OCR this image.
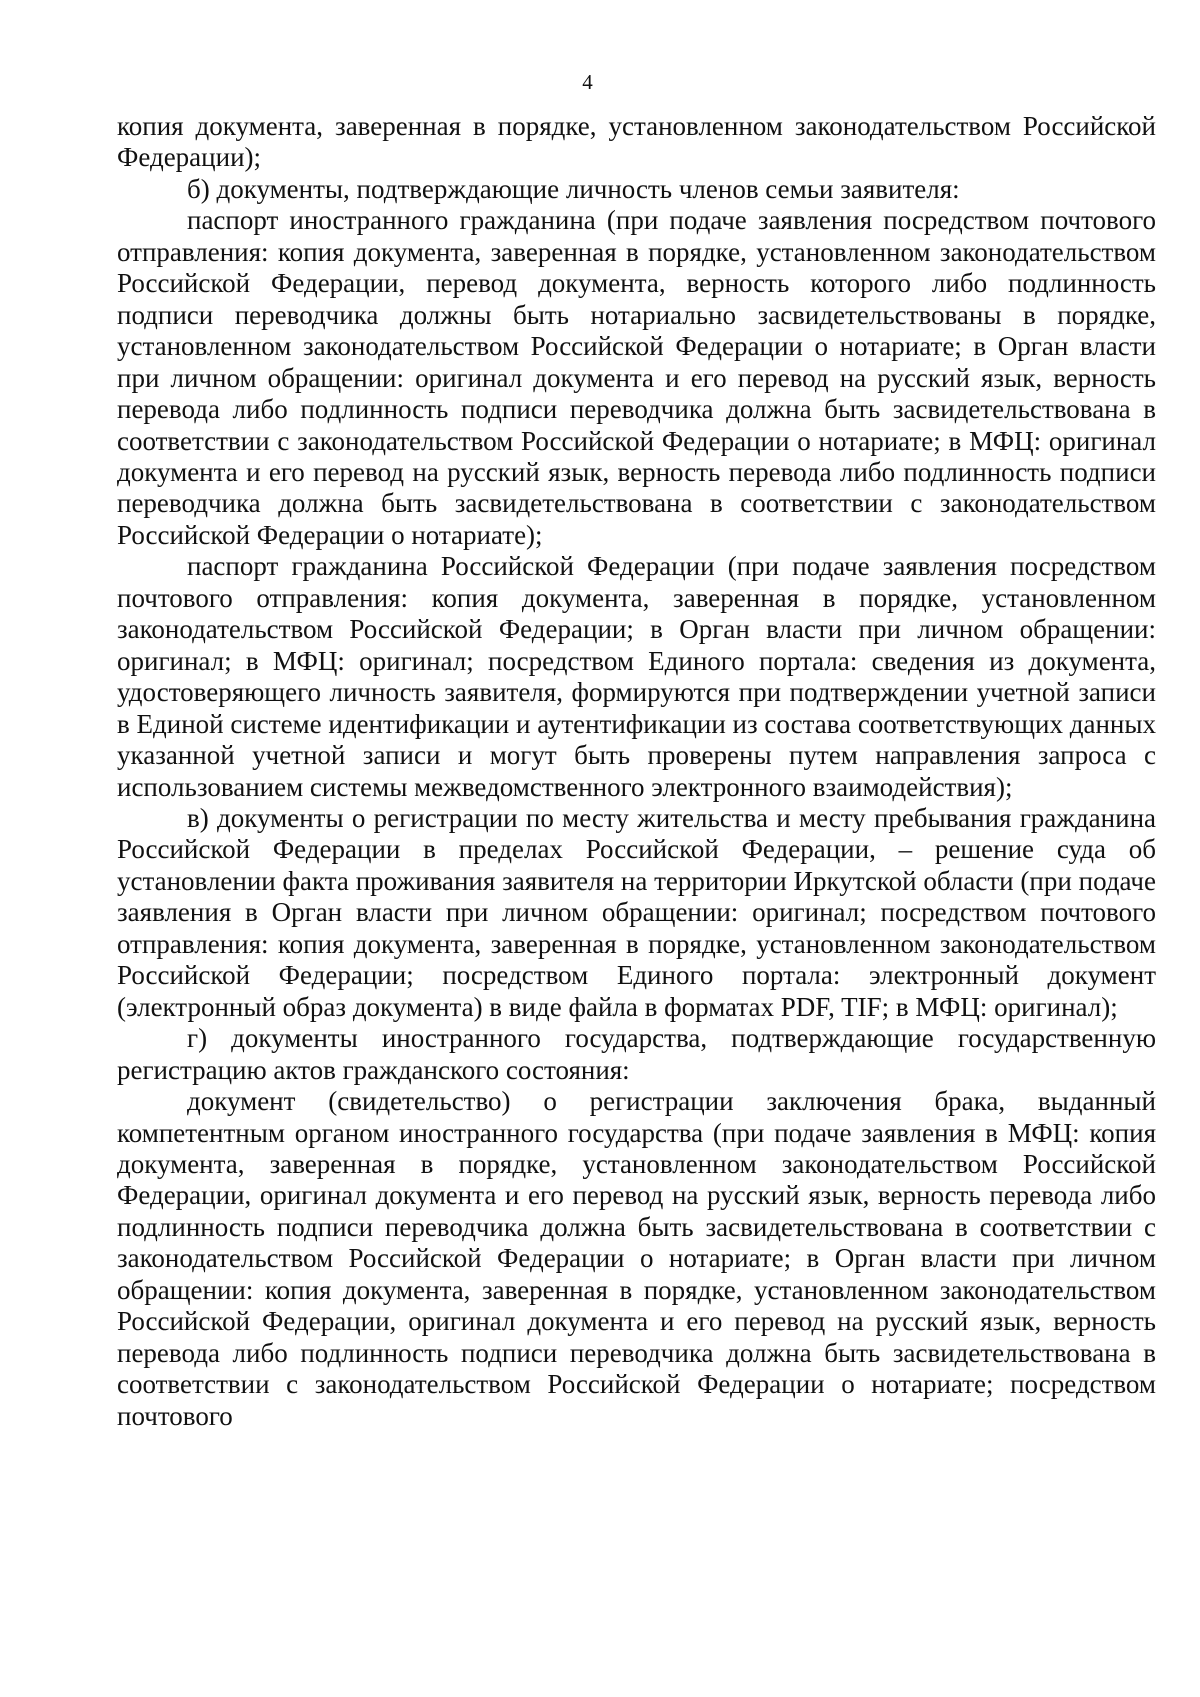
4

копия документа, заверенная в порядке, установленном законодательством Российской Федерации);

б) документы, подтверждающие личность членов семьи заявителя:

паспорт иностранного гражданина (при подаче заявления посредством почтового отправления: копия документа, заверенная в порядке, установленном законодательством Российской Федерации, перевод документа, верность которого либо подлинность подписи переводчика должны быть нотариально засвидетельствованы в порядке, установленном законодательством Российской Федерации о нотариате; в Орган власти при личном обращении: оригинал документа и его перевод на русский язык, верность перевода либо подлинность подписи переводчика должна быть засвидетельствована в соответствии с законодательством Российской Федерации о нотариате; в МФЦ: оригинал документа и его перевод на русский язык, верность перевода либо подлинность подписи переводчика должна быть засвидетельствована в соответствии с законодательством Российской Федерации о нотариате);

паспорт гражданина Российской Федерации (при подаче заявления посредством почтового отправления: копия документа, заверенная в порядке, установленном законодательством Российской Федерации; в Орган власти при личном обращении: оригинал; в МФЦ: оригинал; посредством Единого портала: сведения из документа, удостоверяющего личность заявителя, формируются при подтверждении учетной записи в Единой системе идентификации и аутентификации из состава соответствующих данных указанной учетной записи и могут быть проверены путем направления запроса с использованием системы межведомственного электронного взаимодействия);

в) документы о регистрации по месту жительства и месту пребывания гражданина Российской Федерации в пределах Российской Федерации, – решение суда об установлении факта проживания заявителя на территории Иркутской области (при подаче заявления в Орган власти при личном обращении: оригинал; посредством почтового отправления: копия документа, заверенная в порядке, установленном законодательством Российской Федерации; посредством Единого портала: электронный документ (электронный образ документа) в виде файла в форматах PDF, TIF; в МФЦ: оригинал);

г) документы иностранного государства, подтверждающие государственную регистрацию актов гражданского состояния:

документ (свидетельство) о регистрации заключения брака, выданный компетентным органом иностранного государства (при подаче заявления в МФЦ: копия документа, заверенная в порядке, установленном законодательством Российской Федерации, оригинал документа и его перевод на русский язык, верность перевода либо подлинность подписи переводчика должна быть засвидетельствована в соответствии с законодательством Российской Федерации о нотариате; в Орган власти при личном обращении: копия документа, заверенная в порядке, установленном законодательством Российской Федерации, оригинал документа и его перевод на русский язык, верность перевода либо подлинность подписи переводчика должна быть засвидетельствована в соответствии с законодательством Российской Федерации о нотариате; посредством почтового
